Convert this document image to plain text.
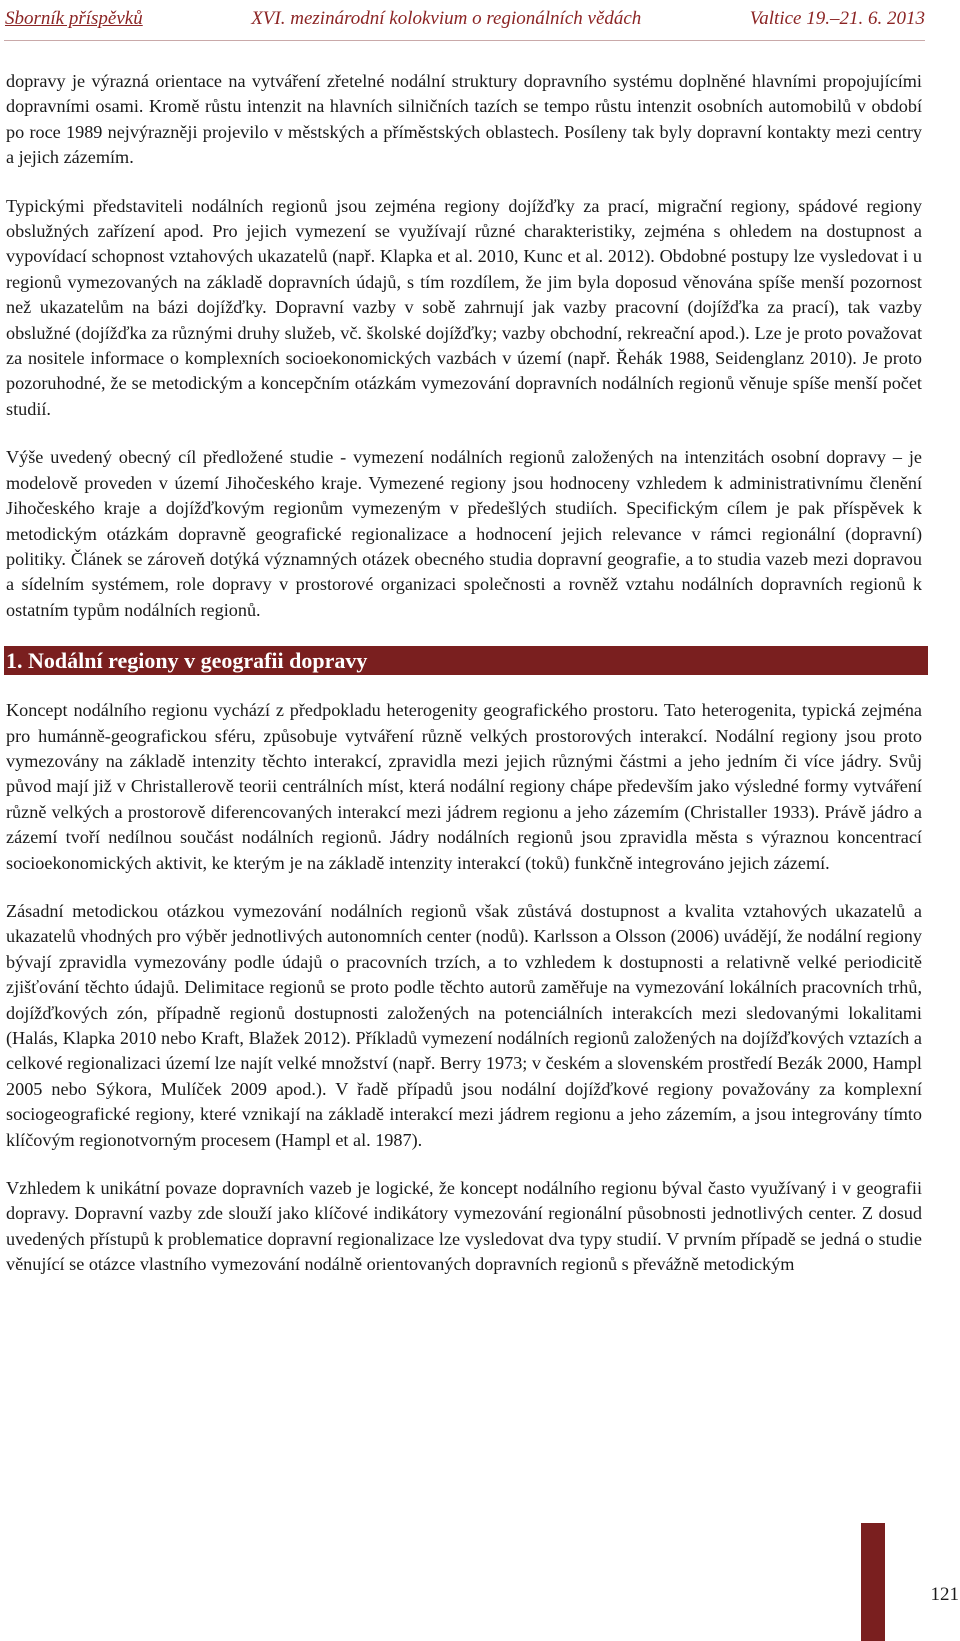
Sborník příspěvků	XVI. mezinárodní kolokvium o regionálních vědách	Valtice 19.–21. 6. 2013

dopravy je výrazná orientace na vytváření zřetelné nodální struktury dopravního systému doplněné hlavními propojujícími dopravními osami. Kromě růstu intenzit na hlavních silničních tazích se tempo růstu intenzit osobních automobilů v období po roce 1989 nejvýrazněji projevilo v městských a příměstských oblastech. Posíleny tak byly dopravní kontakty mezi centry a jejich zázemím.

Typickými představiteli nodálních regionů jsou zejména regiony dojížďky za prací, migrační regiony, spádové regiony obslužných zařízení apod. Pro jejich vymezení se využívají různé charakteristiky, zejména s ohledem na dostupnost a vypovídací schopnost vztahových ukazatelů (např. Klapka et al. 2010, Kunc et al. 2012). Obdobné postupy lze vysledovat i u regionů vymezovaných na základě dopravních údajů, s tím rozdílem, že jim byla doposud věnována spíše menší pozornost než ukazatelům na bázi dojížďky. Dopravní vazby v sobě zahrnují jak vazby pracovní (dojížďka za prací), tak vazby obslužné (dojížďka za různými druhy služeb, vč. školské dojížďky; vazby obchodní, rekreační apod.). Lze je proto považovat za nositele informace o komplexních socioekonomických vazbách v území (např. Řehák 1988, Seidenglanz 2010). Je proto pozoruhodné, že se metodickým a koncepčním otázkám vymezování dopravních nodálních regionů věnuje spíše menší počet studií.

Výše uvedený obecný cíl předložené studie - vymezení nodálních regionů založených na intenzitách osobní dopravy – je modelově proveden v území Jihočeského kraje. Vymezené regiony jsou hodnoceny vzhledem k administrativnímu členění Jihočeského kraje a dojížďkovým regionům vymezeným v předešlých studiích. Specifickým cílem je pak příspěvek k metodickým otázkám dopravně geografické regionalizace a hodnocení jejich relevance v rámci regionální (dopravní) politiky. Článek se zároveň dotýká významných otázek obecného studia dopravní geografie, a to studia vazeb mezi dopravou a sídelním systémem, role dopravy v prostorové organizaci společnosti a rovněž vztahu nodálních dopravních regionů k ostatním typům nodálních regionů.

1. Nodální regiony v geografii dopravy

Koncept nodálního regionu vychází z předpokladu heterogenity geografického prostoru. Tato heterogenita, typická zejména pro humánně-geografickou sféru, způsobuje vytváření různě velkých prostorových interakcí. Nodální regiony jsou proto vymezovány na základě intenzity těchto interakcí, zpravidla mezi jejich různými částmi a jeho jedním či více jádry. Svůj původ mají již v Christallerově teorii centrálních míst, která nodální regiony chápe především jako výsledné formy vytváření různě velkých a prostorově diferencovaných interakcí mezi jádrem regionu a jeho zázemím (Christaller 1933). Právě jádro a zázemí tvoří nedílnou součást nodálních regionů. Jádry nodálních regionů jsou zpravidla města s výraznou koncentrací socioekonomických aktivit, ke kterým je na základě intenzity interakcí (toků) funkčně integrováno jejich zázemí.

Zásadní metodickou otázkou vymezování nodálních regionů však zůstává dostupnost a kvalita vztahových ukazatelů a ukazatelů vhodných pro výběr jednotlivých autonomních center (nodů). Karlsson a Olsson (2006) uvádějí, že nodální regiony bývají zpravidla vymezovány podle údajů o pracovních trzích, a to vzhledem k dostupnosti a relativně velké periodicitě zjišťování těchto údajů. Delimitace regionů se proto podle těchto autorů zaměřuje na vymezování lokálních pracovních trhů, dojížďkových zón, případně regionů dostupnosti založených na potenciálních interakcích mezi sledovanými lokalitami (Halás, Klapka 2010 nebo Kraft, Blažek 2012). Příkladů vymezení nodálních regionů založených na dojížďkových vztazích a celkové regionalizaci území lze najít velké množství (např. Berry 1973; v českém a slovenském prostředí Bezák 2000, Hampl 2005 nebo Sýkora, Mulíček 2009 apod.). V řadě případů jsou nodální dojížďkové regiony považovány za komplexní sociogeografické regiony, které vznikají na základě interakcí mezi jádrem regionu a jeho zázemím, a jsou integrovány tímto klíčovým regionotvorným procesem (Hampl et al. 1987).

Vzhledem k unikátní povaze dopravních vazeb je logické, že koncept nodálního regionu býval často využívaný i v geografii dopravy. Dopravní vazby zde slouží jako klíčové indikátory vymezování regionální působnosti jednotlivých center. Z dosud uvedených přístupů k problematice dopravní regionalizace lze vysledovat dva typy studií. V prvním případě se jedná o studie věnující se otázce vlastního vymezování nodálně orientovaných dopravních regionů s převážně metodickým

121
